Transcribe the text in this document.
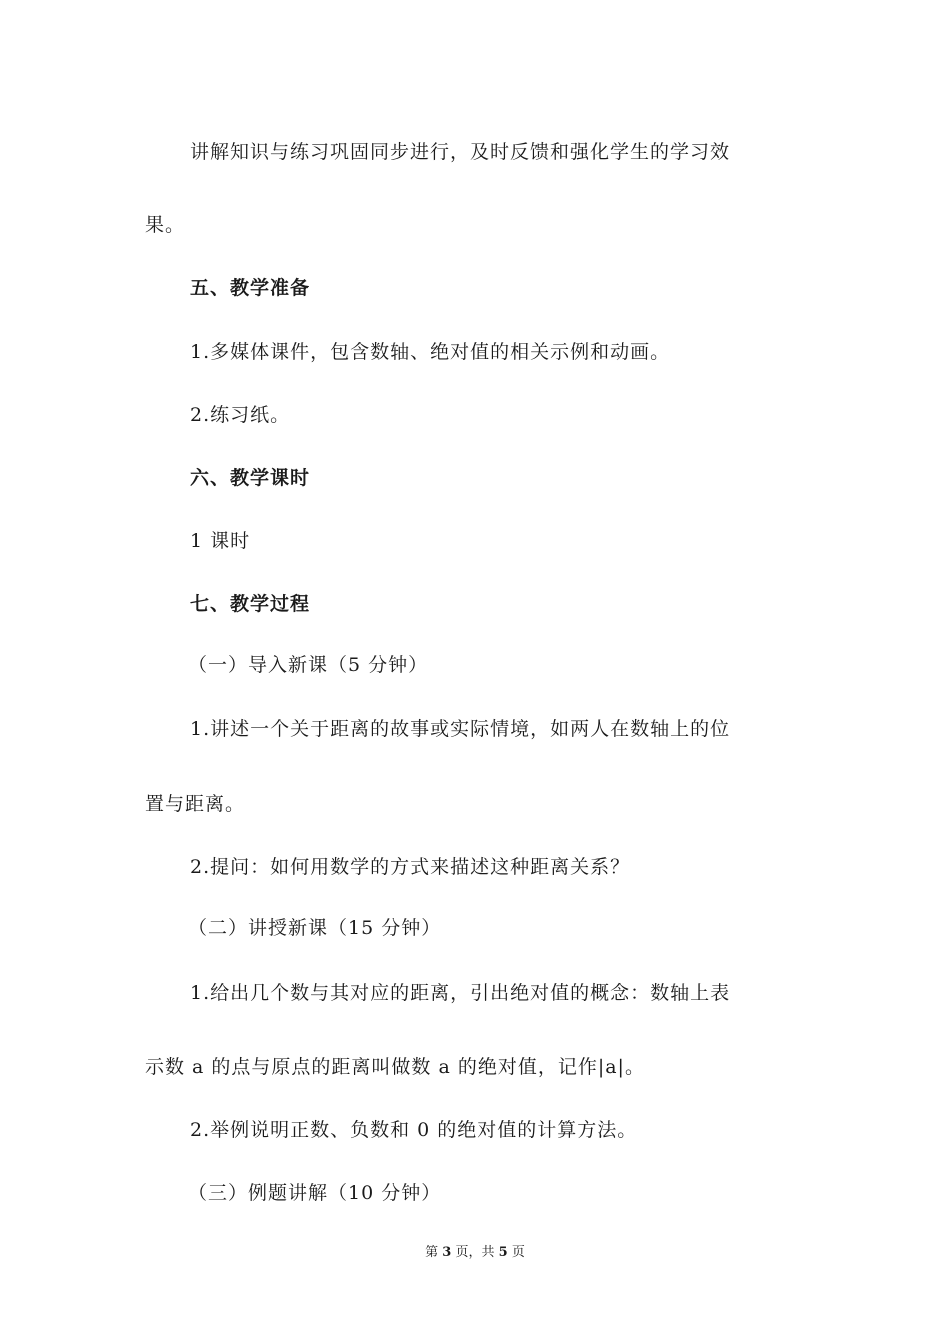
讲解知识与练习巩固同步进行，及时反馈和强化学生的学习效
果。
五、教学准备
1.多媒体课件，包含数轴、绝对值的相关示例和动画。
2.练习纸。
六、教学课时
1 课时
七、教学过程
（一）导入新课（5 分钟）
1.讲述一个关于距离的故事或实际情境，如两人在数轴上的位
置与距离。
2.提问：如何用数学的方式来描述这种距离关系？
（二）讲授新课（15 分钟）
1.给出几个数与其对应的距离，引出绝对值的概念：数轴上表
示数 a 的点与原点的距离叫做数 a 的绝对值，记作|a|。
2.举例说明正数、负数和 0 的绝对值的计算方法。
（三）例题讲解（10 分钟）
第 3 页，共 5 页
